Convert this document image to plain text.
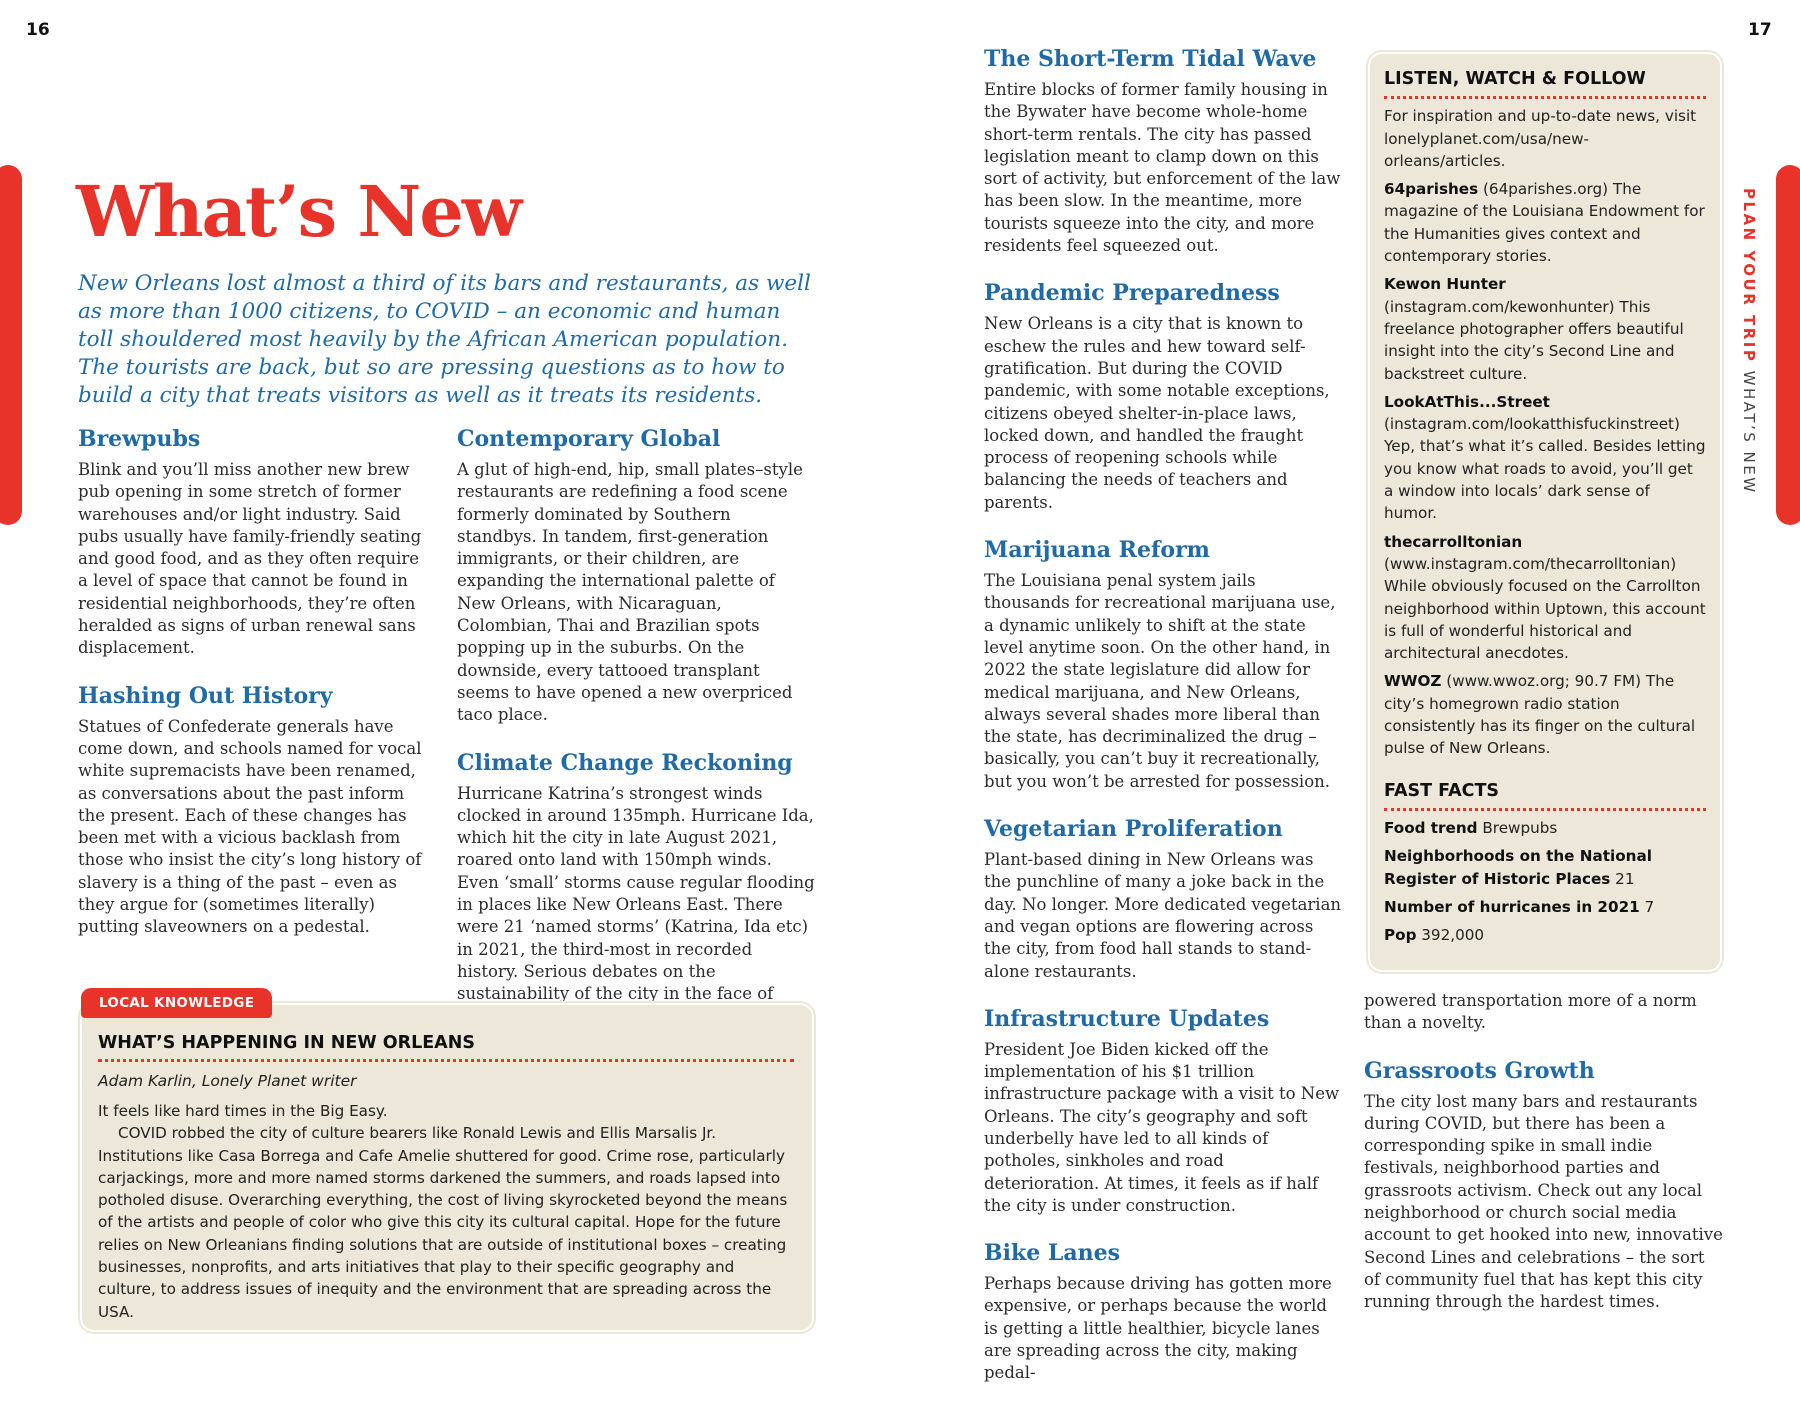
16	17
PLAN YOUR TRIP WHAT’S NEW
What’s New

New Orleans lost almost a third of its bars and restaurants, as well as more than 1000 citizens, to COVID – an economic and human toll shouldered most heavily by the African American population. The tourists are back, but so are pressing questions as to how to build a city that treats visitors as well as it treats its residents.

Brewpubs

Blink and you’ll miss another new brew pub opening in some stretch of former warehouses and/or light industry. Said pubs usually have family-friendly seating and good food, and as they often require a level of space that cannot be found in residential neighborhoods, they’re often heralded as signs of urban renewal sans displacement.

Hashing Out History

Statues of Confederate generals have come down, and schools named for vocal white supremacists have been renamed, as conversations about the past inform the present. Each of these changes has been met with a vicious backlash from those who insist the city’s long history of slavery is a thing of the past – even as they argue for (sometimes literally) putting slaveowners on a pedestal.

Contemporary Global

A glut of high-end, hip, small plates–style restaurants are redefining a food scene formerly dominated by Southern standbys. In tandem, first-generation immigrants, or their children, are expanding the international palette of New Orleans, with Nicaraguan, Colombian, Thai and Brazilian spots popping up in the suburbs. On the downside, every tattooed transplant seems to have opened a new overpriced taco place.

Climate Change Reckoning

Hurricane Katrina’s strongest winds clocked in around 135mph. Hurricane Ida, which hit the city in late August 2021, roared onto land with 150mph winds. Even ‘small’ storms cause regular flooding in places like New Orleans East. There were 21 ‘named storms’ (Katrina, Ida etc) in 2021, the third-most in recorded history. Serious debates on the sustainability of the city in the face of

WHAT’S HAPPENING IN NEW ORLEANS
Adam Karlin, Lonely Planet writer

It feels like hard times in the Big Easy.

COVID robbed the city of culture bearers like Ronald Lewis and Ellis Marsalis Jr. Institutions like Casa Borrega and Cafe Amelie shuttered for good. Crime rose, particularly carjackings, more and more named storms darkened the summers, and roads lapsed into potholed disuse. Overarching everything, the cost of living skyrocketed beyond the means of the artists and people of color who give this city its cultural capital. Hope for the future relies on New Orleanians finding solutions that are outside of institutional boxes – creating businesses, nonprofits, and arts initiatives that play to their specific geography and culture, to address issues of inequity and the environment that are spreading across the USA.

LOCAL KNOWLEDGE
The Short-Term Tidal Wave

Entire blocks of former family housing in the Bywater have become whole-home short-term rentals. The city has passed legislation meant to clamp down on this sort of activity, but enforcement of the law has been slow. In the meantime, more tourists squeeze into the city, and more residents feel squeezed out.

Pandemic Preparedness

New Orleans is a city that is known to eschew the rules and hew toward self-gratification. But during the COVID pandemic, with some notable exceptions, citizens obeyed shelter-in-place laws, locked down, and handled the fraught process of reopening schools while balancing the needs of teachers and parents.

Marijuana Reform

The Louisiana penal system jails thousands for recreational marijuana use, a dynamic unlikely to shift at the state level anytime soon. On the other hand, in 2022 the state legislature did allow for medical marijuana, and New Orleans, always several shades more liberal than the state, has decriminalized the drug – basically, you can’t buy it recreationally, but you won’t be arrested for possession.

Vegetarian Proliferation

Plant-based dining in New Orleans was the punchline of many a joke back in the day. No longer. More dedicated vegetarian and vegan options are flowering across the city, from food hall stands to stand-alone restaurants.

Infrastructure Updates

President Joe Biden kicked off the implementation of his $1 trillion infrastructure package with a visit to New Orleans. The city’s geography and soft underbelly have led to all kinds of potholes, sinkholes and road deterioration. At times, it feels as if half the city is under construction.

Bike Lanes

Perhaps because driving has gotten more expensive, or perhaps because the world is getting a little healthier, bicycle lanes are spreading across the city, making pedal-

LISTEN, WATCH & FOLLOW

For inspiration and up-to-date news, visit lonelyplanet.com/usa/new-orleans/articles.

64parishes (64parishes.org) The magazine of the Louisiana Endowment for the Humanities gives context and contemporary stories.

Kewon Hunter (instagram.com/kewonhunter) This freelance photographer offers beautiful insight into the city’s Second Line and backstreet culture.

LookAtThis...Street (instagram.com/lookatthisfuckinstreet) Yep, that’s what it’s called. Besides letting you know what roads to avoid, you’ll get a window into locals’ dark sense of humor.

thecarrolltonian (www.instagram.com/thecarrolltonian) While obviously focused on the Carrollton neighborhood within Uptown, this account is full of wonderful historical and architectural anecdotes.

WWOZ (www.wwoz.org; 90.7 FM) The city’s homegrown radio station consistently has its finger on the cultural pulse of New Orleans.

FAST FACTS

Food trend Brewpubs

Neighborhoods on the National Register of Historic Places 21

Number of hurricanes in 2021 7

Pop 392,000

powered transportation more of a norm than a novelty.

Grassroots Growth

The city lost many bars and restaurants during COVID, but there has been a corresponding spike in small indie festivals, neighborhood parties and grassroots activism. Check out any local neighborhood or church social media account to get hooked into new, innovative Second Lines and celebrations – the sort of community fuel that has kept this city running through the hardest times.
